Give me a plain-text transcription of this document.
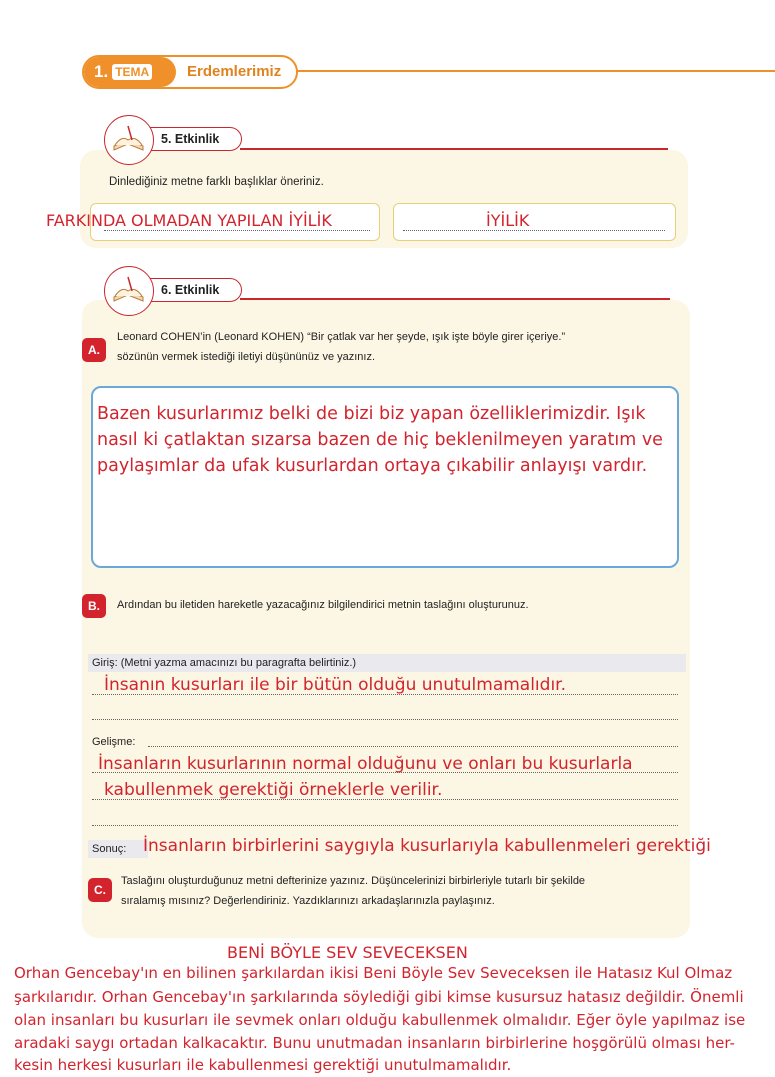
1. TEMA	Erdemlerimiz
5. Etkinlik
Dinlediğiniz metne farklı başlıklar öneriniz.
FARKINDA OLMADAN YAPILAN İYİLİK	İYİLİK
6. Etkinlik
A.
Leonard COHEN’in (Leonard KOHEN) “Bir çatlak var her şeyde, ışık işte böyle girer içeriye.”
sözünün vermek istediği iletiyi düşününüz ve yazınız.
Bazen kusurlarımız belki de bizi biz yapan özelliklerimizdir. Işık
nasıl ki çatlaktan sızarsa bazen de hiç beklenilmeyen yaratım ve
paylaşımlar da ufak kusurlardan ortaya çıkabilir anlayışı vardır.
B.	Ardından bu iletiden hareketle yazacağınız bilgilendirici metnin taslağını oluşturunuz.
Giriş: (Metni yazma amacınızı bu paragrafta belirtiniz.)
İnsanın kusurları ile bir bütün olduğu unutulmamalıdır.
Gelişme:
İnsanların kusurlarının normal olduğunu ve onları bu kusurlarla
kabullenmek gerektiği örneklerle verilir.
Sonuç: İnsanların birbirlerini saygıyla kusurlarıyla kabullenmeleri gerektiği
C.
Taslağını oluşturduğunuz metni defterinize yazınız. Düşüncelerinizi birbirleriyle tutarlı bir şekilde
sıralamış mısınız? Değerlendiriniz. Yazdıklarınızı arkadaşlarınızla paylaşınız.
BENİ BÖYLE SEV SEVECEKSEN
Orhan Gencebay'ın en bilinen şarkılardan ikisi Beni Böyle Sev Seveceksen ile Hatasız Kul Olmaz
şarkılarıdır. Orhan Gencebay'ın şarkılarında söylediği gibi kimse kusursuz hatasız değildir. Önemli
olan insanları bu kusurları ile sevmek onları olduğu kabullenmek olmalıdır. Eğer öyle yapılmaz ise
aradaki saygı ortadan kalkacaktır. Bunu unutmadan insanların birbirlerine hoşgörülü olması her-
kesin herkesi kusurları ile kabullenmesi gerektiği unutulmamalıdır.
